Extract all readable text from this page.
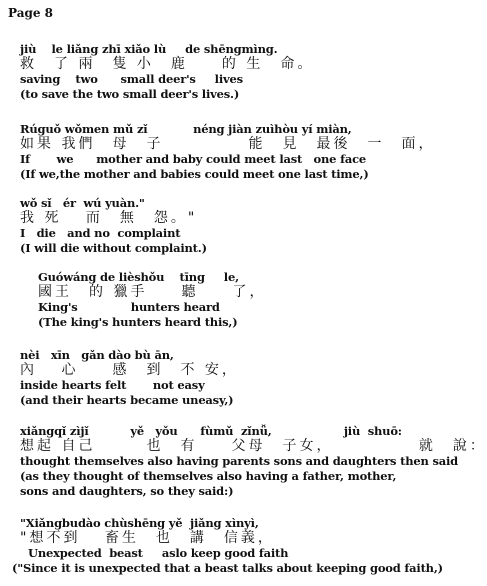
Page 8
jiù    le liǎng zhī xiǎo lù     de shēngmìng.
救　了 兩　隻 小　鹿　　的 生　命。
saving    two      small deer's     lives
(to save the two small deer's lives.)
Rúguǒ wǒmen mǔ zǐ            néng jiàn zuìhòu yí miàn,
如果 我們　母　子　　　　　能　見　最後　一　面，
If       we      mother and baby could meet last   one face
(If we,the mother and babies could meet one last time,)
wǒ sǐ   ér  wú yuàn."
我 死　 而　無　怨。"
I   die   and no  complaint
(I will die without complaint.)
Guówáng de lièshǒu    tīng     le,
國王　的 獵手　　聽　　了，
King's              hunters heard
(The king's hunters heard this,)
nèi   xīn   gǎn dào bù ān,
內　 心　　感　到　不 安，
inside hearts felt       not easy
(and their hearts became uneasy,)
xiǎngqǐ zìjǐ           yě   yǒu      fùmǔ  zǐnǚ,                   jiù  shuō:
想起 自己　　　也　有　　父母　子女，　　　　　 就　說：
thought themselves also having parents sons and daughters then said
(as they thought of themselves also having a father, mother, sons and daughters, so they said:)
"Xiǎngbudào chùshēng yě  jiǎng xìnyì,
"想不到　 畜生　也　講　信義，
Unexpected  beast     aslo keep good faith
("Since it is unexpected that a beast talks about keeping good faith,)
